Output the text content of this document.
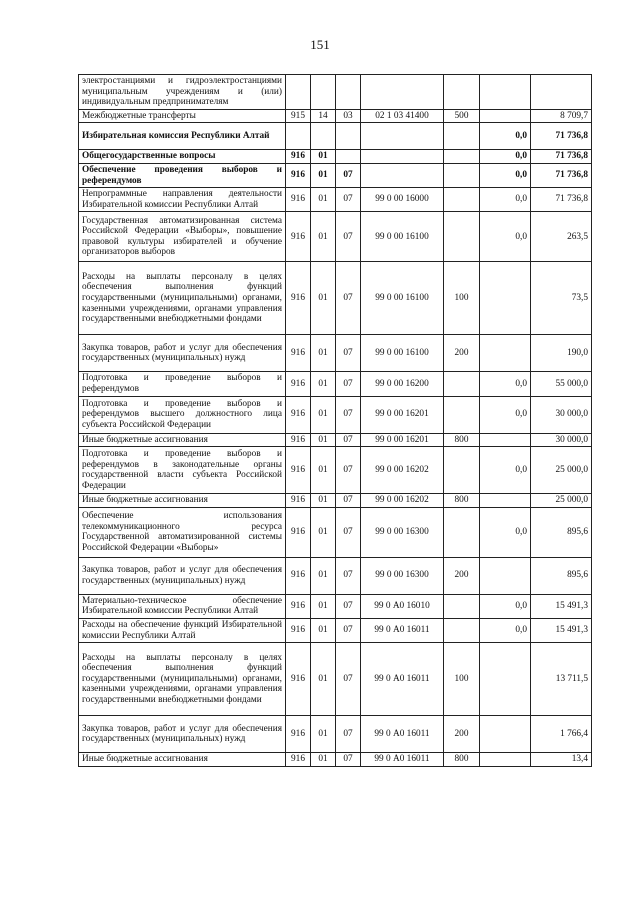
151
электростанциями и гидроэлектростанциями муниципальным учреждениям и (или) индивидуальным предпринимателям							
Межбюджетные трансферты	915	14	03	02 1 03 41400	500		8 709,7
Избирательная комиссия Республики Алтай						0,0	71 736,8
Общегосударственные вопросы	916	01				0,0	71 736,8
Обеспечение проведения выборов и референдумов	916	01	07			0,0	71 736,8
Непрограммные направления деятельности Избирательной комиссии Республики Алтай	916	01	07	99 0 00 16000		0,0	71 736,8
Государственная автоматизированная система Российской Федерации «Выборы», повышение правовой культуры избирателей и обучение организаторов выборов	916	01	07	99 0 00 16100		0,0	263,5
Расходы на выплаты персоналу в целях обеспечения выполнения функций государственными (муниципальными) органами, казенными учреждениями, органами управления государственными внебюджетными фондами	916	01	07	99 0 00 16100	100		73,5
Закупка товаров, работ и услуг для обеспечения государственных (муниципальных) нужд	916	01	07	99 0 00 16100	200		190,0
Подготовка и проведение выборов и референдумов	916	01	07	99 0 00 16200		0,0	55 000,0
Подготовка и проведение выборов и референдумов высшего должностного лица субъекта Российской Федерации	916	01	07	99 0 00 16201		0,0	30 000,0
Иные бюджетные ассигнования	916	01	07	99 0 00 16201	800		30 000,0
Подготовка и проведение выборов и референдумов в законодательные органы государственной власти субъекта Российской Федерации	916	01	07	99 0 00 16202		0,0	25 000,0
Иные бюджетные ассигнования	916	01	07	99 0 00 16202	800		25 000,0
Обеспечение использования телекоммуникационного ресурса Государственной автоматизированной системы Российской Федерации «Выборы»	916	01	07	99 0 00 16300		0,0	895,6
Закупка товаров, работ и услуг для обеспечения государственных (муниципальных) нужд	916	01	07	99 0 00 16300	200		895,6
Материально-техническое обеспечение Избирательной комиссии Республики Алтай	916	01	07	99 0 А0 16010		0,0	15 491,3
Расходы на обеспечение функций Избирательной комиссии Республики Алтай	916	01	07	99 0 А0 16011		0,0	15 491,3
Расходы на выплаты персоналу в целях обеспечения выполнения функций государственными (муниципальными) органами, казенными учреждениями, органами управления государственными внебюджетными фондами	916	01	07	99 0 А0 16011	100		13 711,5
Закупка товаров, работ и услуг для обеспечения государственных (муниципальных) нужд	916	01	07	99 0 А0 16011	200		1 766,4
Иные бюджетные ассигнования	916	01	07	99 0 А0 16011	800		13,4
